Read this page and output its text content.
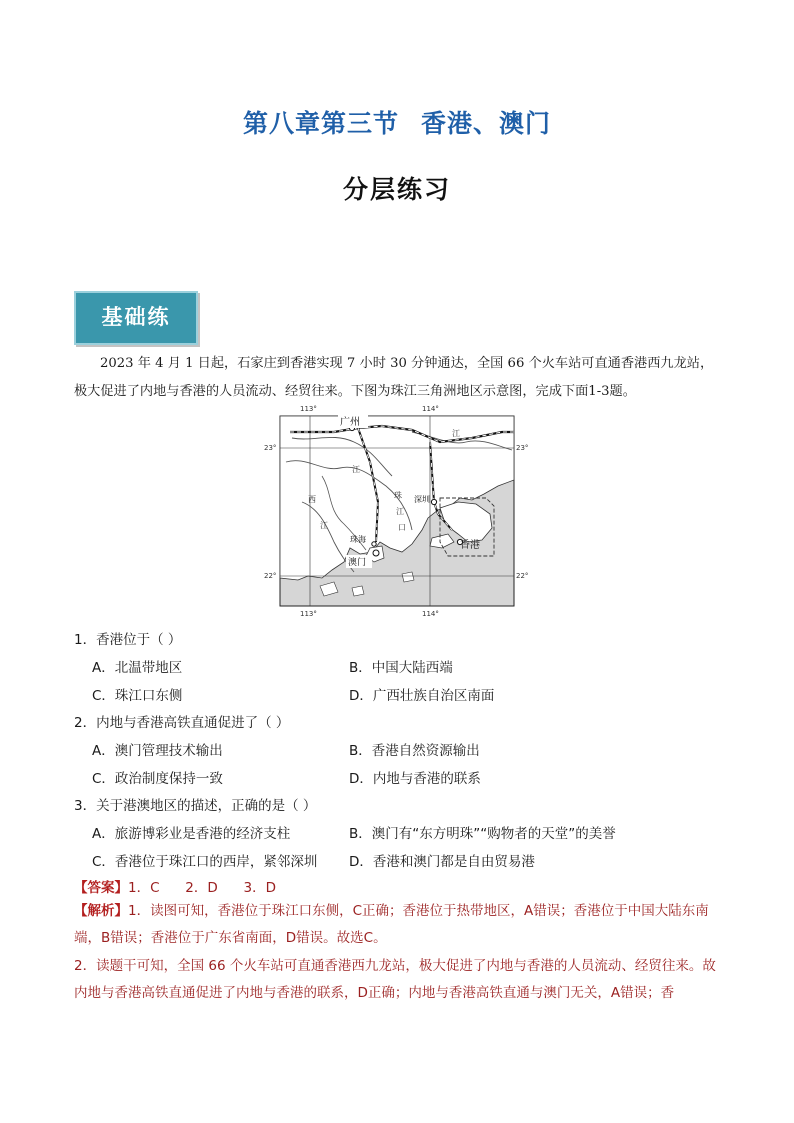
第八章第三节 香港、澳门
分层练习
基础练
2023 年 4 月 1 日起，石家庄到香港实现 7 小时 30 分钟通达，全国 66 个火车站可直通香港西九龙站，极大促进了内地与香港的人员流动、经贸往来。下图为珠江三角洲地区示意图，完成下面1-3题。
113°	114°
113°	114°
23°	23°
22°	22°
广州
深圳
珠海
澳门
香港
江
江
西
江
珠
江
口
1．香港位于（ ）
A．北温带地区	B．中国大陆西端
C．珠江口东侧	D．广西壮族自治区南面
2．内地与香港高铁直通促进了（ ）
A．澳门管理技术输出	B．香港自然资源输出
C．政治制度保持一致	D．内地与香港的联系
3．关于港澳地区的描述，正确的是（ ）
A．旅游博彩业是香港的经济支柱	B．澳门有“东方明珠”“购物者的天堂”的美誉
C．香港位于珠江口的西岸，紧邻深圳 D．香港和澳门都是自由贸易港
【答案】1．C      2．D      3．D
【解析】1．读图可知，香港位于珠江口东侧，C正确；香港位于热带地区，A错误；香港位于中国大陆东南端，B错误；香港位于广东省南面，D错误。故选C。
2．读题干可知，全国 66 个火车站可直通香港西九龙站，极大促进了内地与香港的人员流动、经贸往来。故内地与香港高铁直通促进了内地与香港的联系，D正确；内地与香港高铁直通与澳门无关，A错误；香
